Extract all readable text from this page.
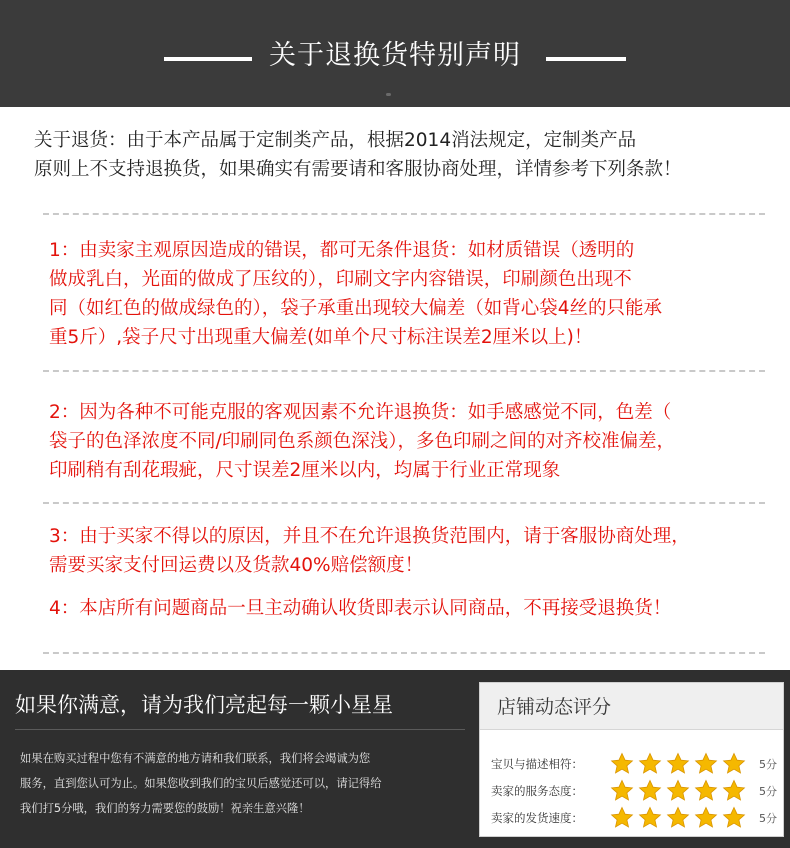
关于退换货特别声明
关于退货：由于本产品属于定制类产品，根据2014消法规定，定制类产品
原则上不支持退换货，如果确实有需要请和客服协商处理，详情参考下列条款！
1：由卖家主观原因造成的错误，都可无条件退货：如材质错误（透明的
做成乳白，光面的做成了压纹的），印刷文字内容错误，印刷颜色出现不
同（如红色的做成绿色的），袋子承重出现较大偏差（如背心袋4丝的只能承
重5斤）,袋子尺寸出现重大偏差(如单个尺寸标注误差2厘米以上)！
2：因为各种不可能克服的客观因素不允许退换货：如手感感觉不同，色差（
袋子的色泽浓度不同/印刷同色系颜色深浅），多色印刷之间的对齐校准偏差，
印刷稍有刮花瑕疵，尺寸误差2厘米以内，均属于行业正常现象
3：由于买家不得以的原因，并且不在允许退换货范围内，请于客服协商处理，
需要买家支付回运费以及货款40%赔偿额度！
4：本店所有问题商品一旦主动确认收货即表示认同商品，不再接受退换货！
如果你满意，请为我们亮起每一颗小星星
如果在购买过程中您有不满意的地方请和我们联系，我们将会竭诚为您
服务，直到您认可为止。如果您收到我们的宝贝后感觉还可以，请记得给
我们打5分哦，我们的努力需要您的鼓励！祝亲生意兴隆！
店铺动态评分
宝贝与描述相符：	5分
卖家的服务态度：	5分
卖家的发货速度：	5分
